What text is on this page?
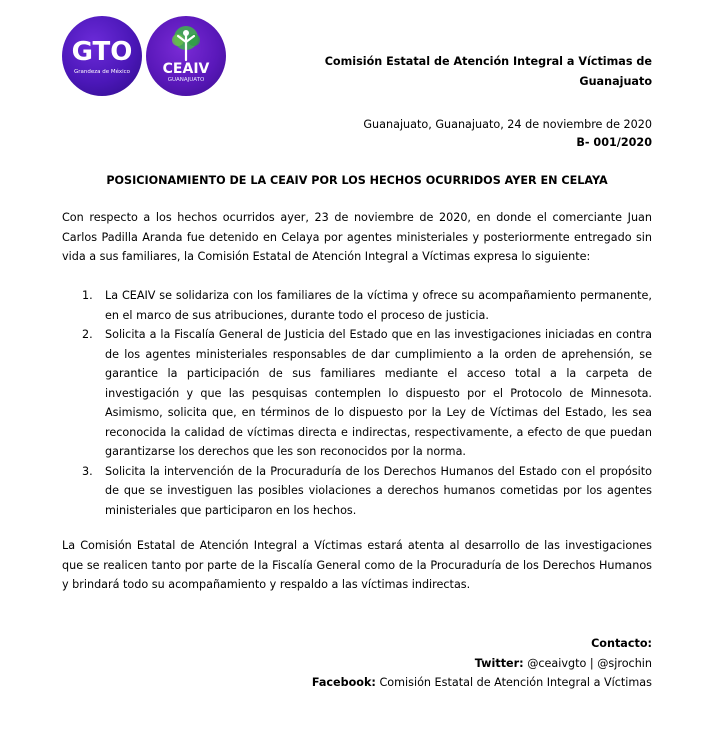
GTO
Grandeza de México	CEAIV
GUANAJUATO
Comisión Estatal de Atención Integral a Víctimas de Guanajuato
Guanajuato, Guanajuato, 24 de noviembre de 2020
B- 001/2020
POSICIONAMIENTO DE LA CEAIV POR LOS HECHOS OCURRIDOS AYER EN CELAYA

Con respecto a los hechos ocurridos ayer, 23 de noviembre de 2020, en donde el comerciante Juan Carlos Padilla Aranda fue detenido en Celaya por agentes ministeriales y posteriormente entregado sin vida a sus familiares, la Comisión Estatal de Atención Integral a Víctimas expresa lo siguiente:

1. La CEAIV se solidariza con los familiares de la víctima y ofrece su acompañamiento permanente, en el marco de sus atribuciones, durante todo el proceso de justicia.
2. Solicita a la Fiscalía General de Justicia del Estado que en las investigaciones iniciadas en contra de los agentes ministeriales responsables de dar cumplimiento a la orden de aprehensión, se garantice la participación de sus familiares mediante el acceso total a la carpeta de investigación y que las pesquisas contemplen lo dispuesto por el Protocolo de Minnesota. Asimismo, solicita que, en términos de lo dispuesto por la Ley de Víctimas del Estado, les sea reconocida la calidad de víctimas directa e indirectas, respectivamente, a efecto de que puedan garantizarse los derechos que les son reconocidos por la norma.
3. Solicita la intervención de la Procuraduría de los Derechos Humanos del Estado con el propósito de que se investiguen las posibles violaciones a derechos humanos cometidas por los agentes ministeriales que participaron en los hechos.

La Comisión Estatal de Atención Integral a Víctimas estará atenta al desarrollo de las investigaciones que se realicen tanto por parte de la Fiscalía General como de la Procuraduría de los Derechos Humanos y brindará todo su acompañamiento y respaldo a las víctimas indirectas.

Contacto:
Twitter: @ceaivgto | @sjrochin
Facebook: Comisión Estatal de Atención Integral a Víctimas
